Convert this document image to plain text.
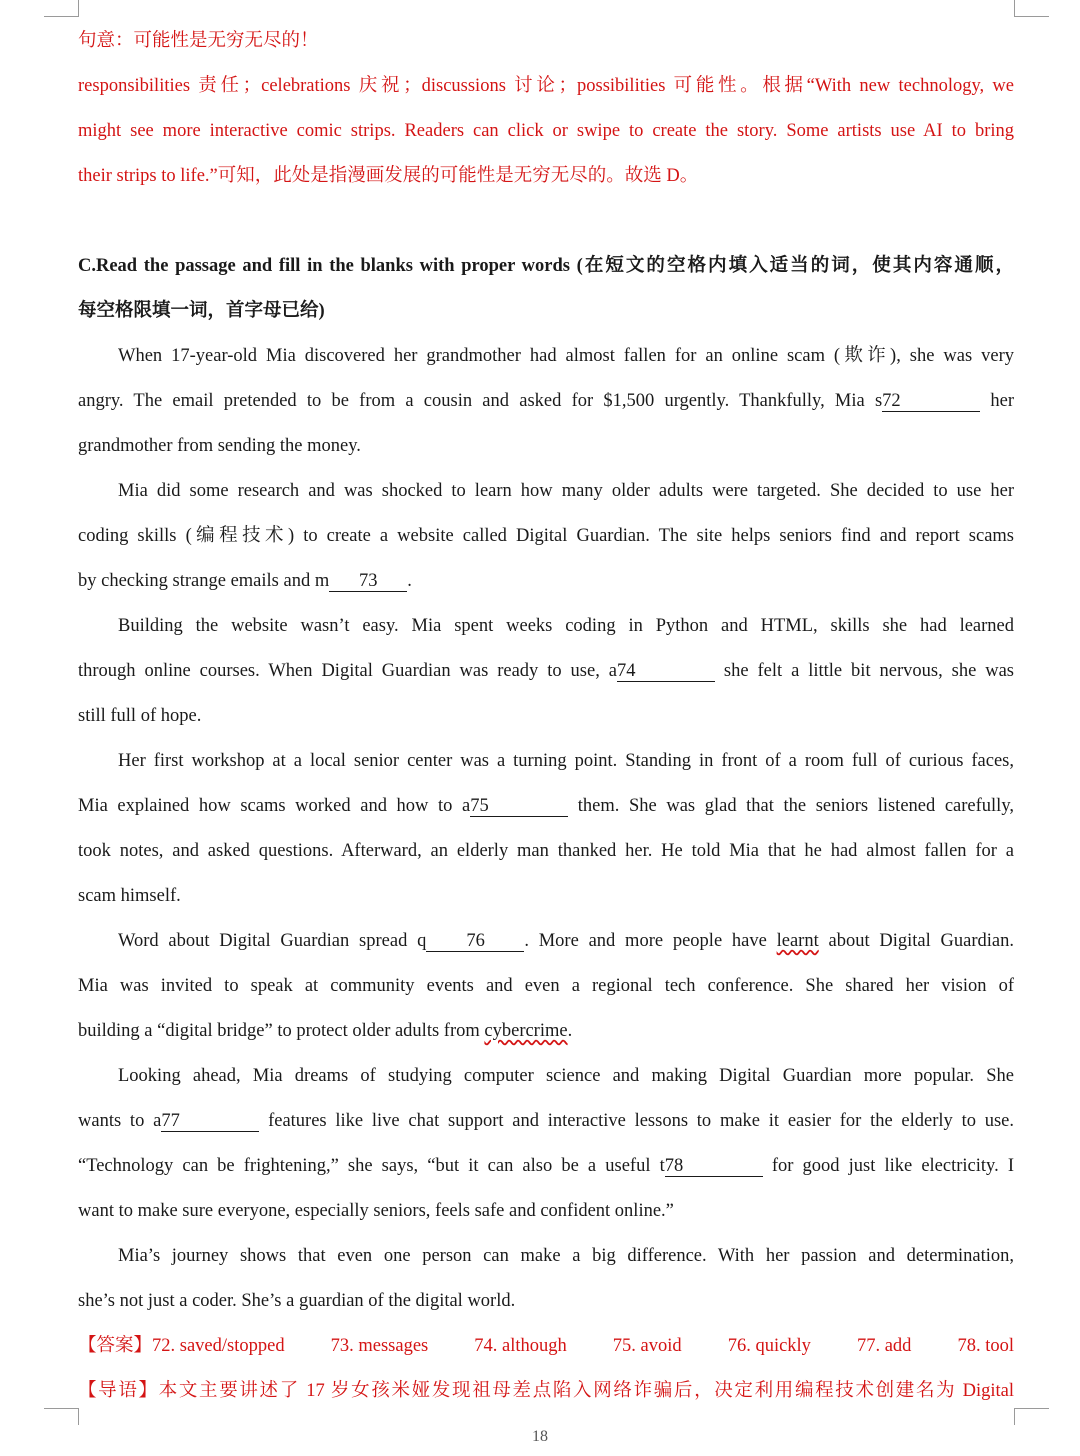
句意：可能性是无穷无尽的！
responsibilities 责任；celebrations 庆祝；discussions 讨论；possibilities 可能性。根据“With new technology, we
might see more interactive comic strips. Readers can click or swipe to create the story. Some artists use AI to bring
their strips to life.”可知，此处是指漫画发展的可能性是无穷无尽的。故选 D。
C.Read the passage and fill in the blanks with proper words (在短文的空格内填入适当的词，使其内容通顺，
每空格限填一词，首字母已给)
When 17-year-old Mia discovered her grandmother had almost fallen for an online scam (欺诈), she was very
angry. The email pretended to be from a cousin and asked for $1,500 urgently. Thankfully, Mia s72	her
grandmother from sending the money.
Mia did some research and was shocked to learn how many older adults were targeted. She decided to use her
coding skills (编程技术) to create a website called Digital Guardian. The site helps seniors find and report scams
by checking strange emails and m 73 .
Building the website wasn’t easy. Mia spent weeks coding in Python and HTML, skills she had learned
through online courses. When Digital Guardian was ready to use, a74	she felt a little bit nervous, she was
still full of hope.
Her first workshop at a local senior center was a turning point. Standing in front of a room full of curious faces,
Mia explained how scams worked and how to a75	them. She was glad that the seniors listened carefully,
took notes, and asked questions. Afterward, an elderly man thanked her. He told Mia that he had almost fallen for a
scam himself.
Word about Digital Guardian spread q 76 . More and more people have learnt about Digital Guardian.
Mia was invited to speak at community events and even a regional tech conference. She shared her vision of
building a “digital bridge” to protect older adults from cybercrime.
Looking ahead, Mia dreams of studying computer science and making Digital Guardian more popular. She
wants to a77	features like live chat support and interactive lessons to make it easier for the elderly to use.
“Technology can be frightening,” she says, “but it can also be a useful t78	for good just like electricity. I
want to make sure everyone, especially seniors, feels safe and confident online.”
Mia’s journey shows that even one person can make a big difference. With her passion and determination,
she’s not just a coder. She’s a guardian of the digital world.
【答案】72. saved/stopped 73. messages 74. although 75. avoid 76. quickly 77. add 78. tool
【导语】本文主要讲述了 17 岁女孩米娅发现祖母差点陷入网络诈骗后，决定利用编程技术创建名为 Digital
18
